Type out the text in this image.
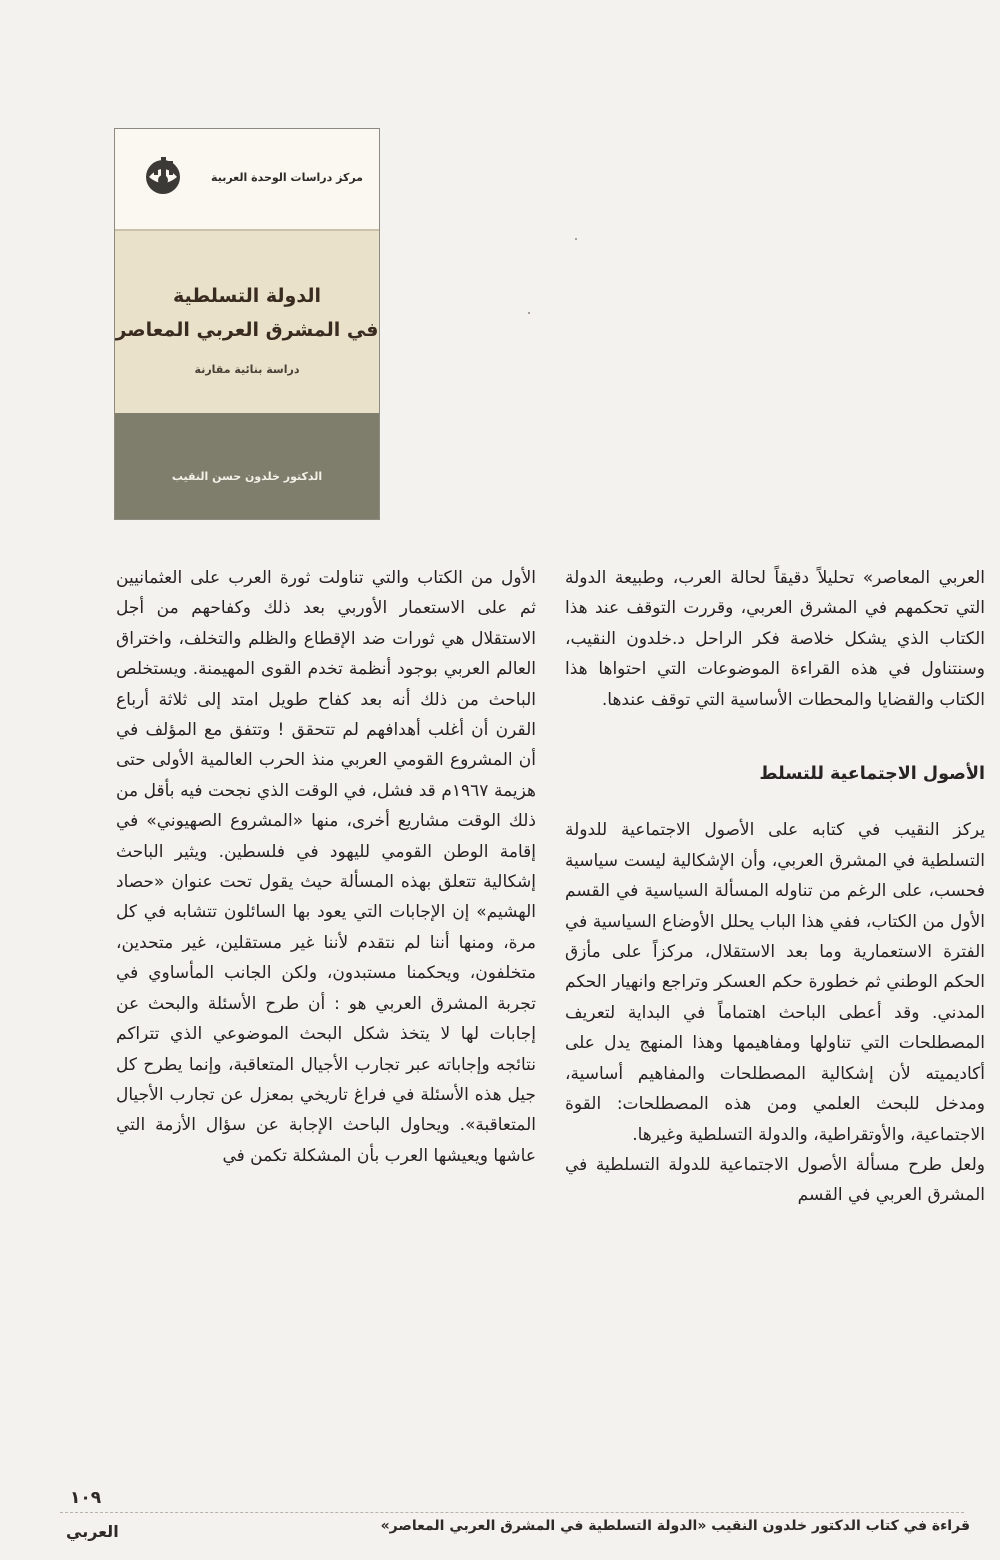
مركز دراسات الوحدة العربية
الدولة التسلطية
في المشرق العربي المعاصر
دراسة بنائية مقارنة
الدكتور خلدون حسن النقيب

العربي المعاصر» تحليلاً دقيقاً لحالة العرب، وطبيعة الدولة التي تحكمهم في المشرق العربي، وقررت التوقف عند هذا الكتاب الذي يشكل خلاصة فكر الراحل د.خلدون النقيب، وسنتناول في هذه القراءة الموضوعات التي احتواها هذا الكتاب والقضايا والمحطات الأساسية التي توقف عندها.

الأصول الاجتماعية للتسلط

يركز النقيب في كتابه على الأصول الاجتماعية للدولة التسلطية في المشرق العربي، وأن الإشكالية ليست سياسية فحسب، على الرغم من تناوله المسألة السياسية في القسم الأول من الكتاب، ففي هذا الباب يحلل الأوضاع السياسية في الفترة الاستعمارية وما بعد الاستقلال، مركزاً على مأزق الحكم الوطني ثم خطورة حكم العسكر وتراجع وانهيار الحكم المدني. وقد أعطى الباحث اهتماماً في البداية لتعريف المصطلحات التي تناولها ومفاهيمها وهذا المنهج يدل على أكاديميته لأن إشكالية المصطلحات والمفاهيم أساسية، ومدخل للبحث العلمي ومن هذه المصطلحات: القوة الاجتماعية، والأوتقراطية، والدولة التسلطية وغيرها.

ولعل طرح مسألة الأصول الاجتماعية للدولة التسلطية في المشرق العربي في القسم

الأول من الكتاب والتي تناولت ثورة العرب على العثمانيين ثم على الاستعمار الأوربي بعد ذلك وكفاحهم من أجل الاستقلال هي ثورات ضد الإقطاع والظلم والتخلف، واختراق العالم العربي بوجود أنظمة تخدم القوى المهيمنة. ويستخلص الباحث من ذلك أنه بعد كفاح طويل امتد إلى ثلاثة أرباع القرن أن أغلب أهدافهم لم تتحقق ! وتتفق مع المؤلف في أن المشروع القومي العربي منذ الحرب العالمية الأولى حتى هزيمة ١٩٦٧م قد فشل، في الوقت الذي نجحت فيه بأقل من ذلك الوقت مشاريع أخرى، منها «المشروع الصهيوني» في إقامة الوطن القومي لليهود في فلسطين. ويثير الباحث إشكالية تتعلق بهذه المسألة حيث يقول تحت عنوان «حصاد الهشيم» إن الإجابات التي يعود بها السائلون تتشابه في كل مرة، ومنها أننا لم نتقدم لأننا غير مستقلين، غير متحدين، متخلفون، ويحكمنا مستبدون، ولكن الجانب المأساوي في تجربة المشرق العربي هو : أن طرح الأسئلة والبحث عن إجابات لها لا يتخذ شكل البحث الموضوعي الذي تتراكم نتائجه وإجاباته عبر تجارب الأجيال المتعاقبة، وإنما يطرح كل جيل هذه الأسئلة في فراغ تاريخي بمعزل عن تجارب الأجيال المتعاقبة». ويحاول الباحث الإجابة عن سؤال الأزمة التي عاشها ويعيشها العرب بأن المشكلة تكمن في

١٠٩
العربي	قراءة في كتاب الدكتور خلدون النقيب «الدولة التسلطية في المشرق العربي المعاصر»
